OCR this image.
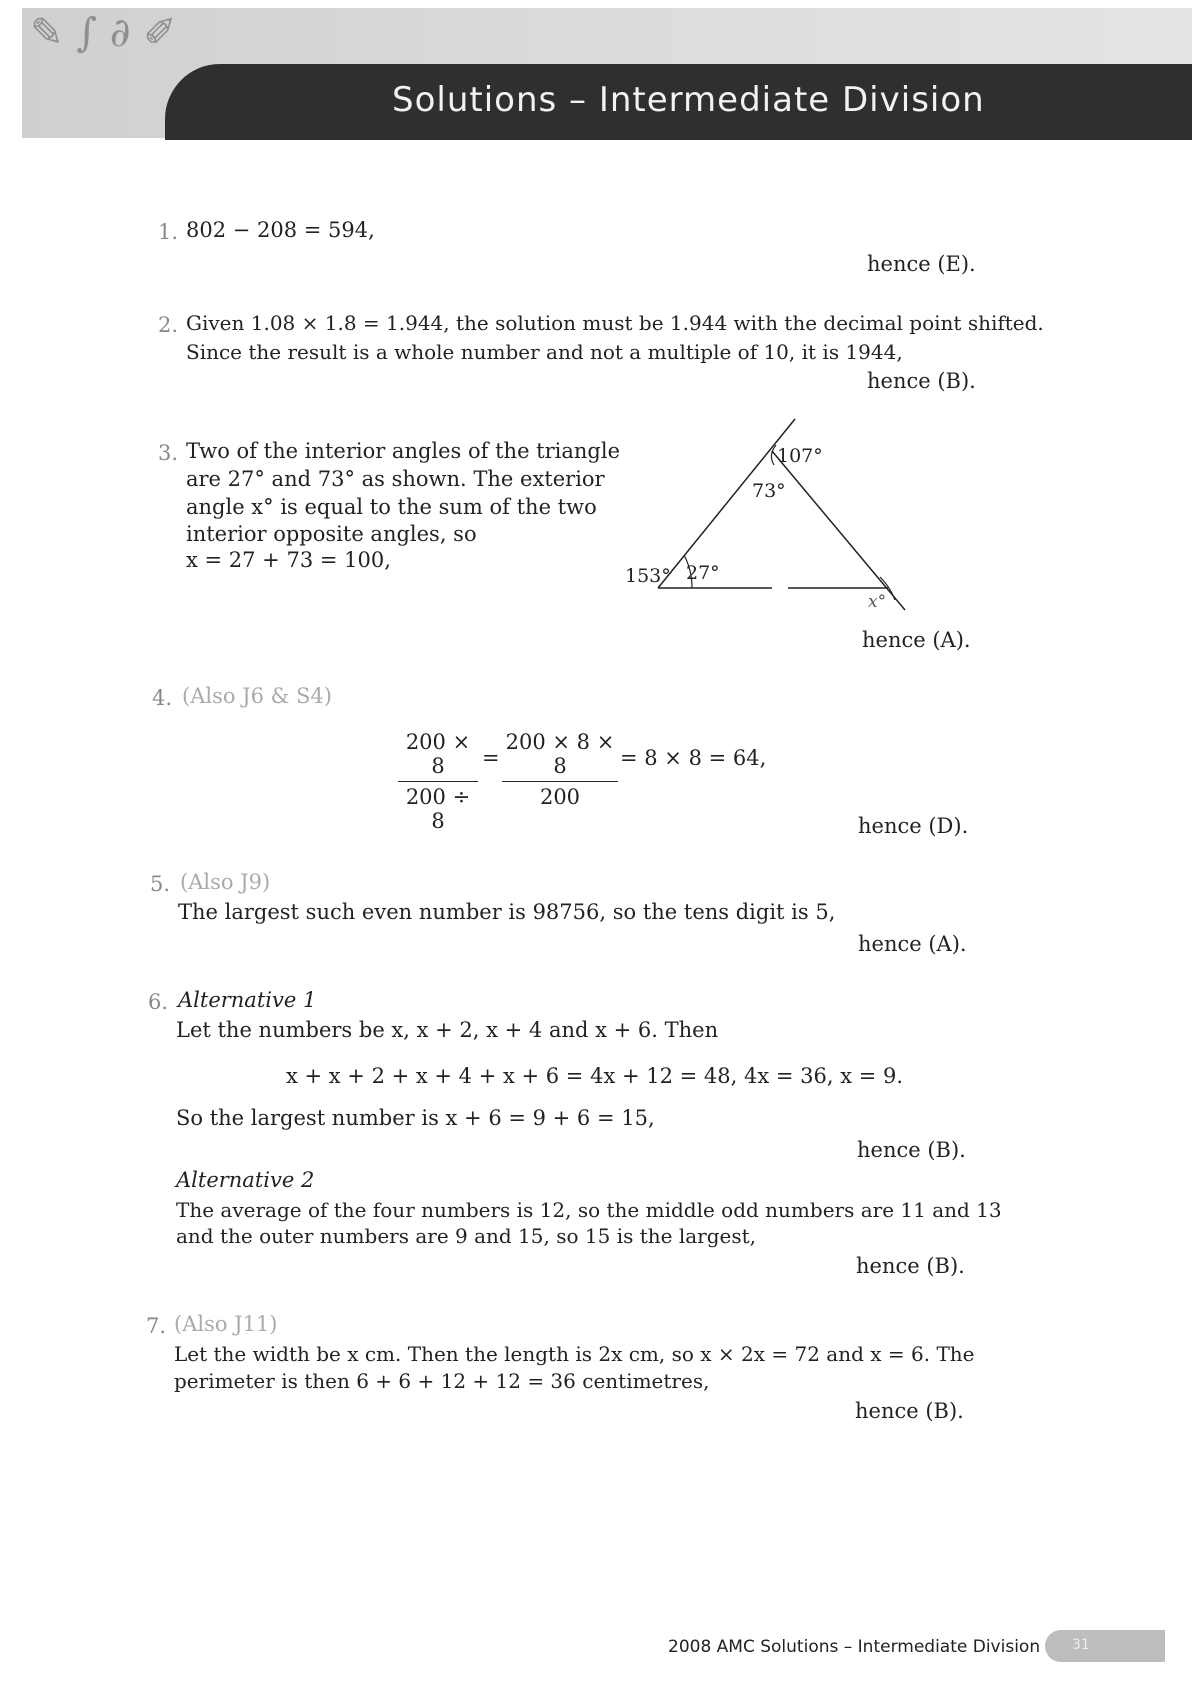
✎ ∫ ∂ ✐
Solutions – Intermediate Division
1. 802 − 208 = 594,
hence (E).
2. Given 1.08 × 1.8 = 1.944, the solution must be 1.944 with the decimal point shifted.
Since the result is a whole number and not a multiple of 10, it is 1944,
hence (B).
3. Two of the interior angles of the triangle
are 27° and 73° as shown. The exterior
angle x° is equal to the sum of the two
interior opposite angles, so
x = 27 + 73 = 100,
107°
73°
153° 27°
x°
hence (A).
4. (Also J6 & S4)
200 × 8
200 ÷ 8
=
200 × 8 × 8
200
= 8 × 8 = 64,
hence (D).
5. (Also J9)
The largest such even number is 98756, so the tens digit is 5,
hence (A).
6. Alternative 1
Let the numbers be x, x + 2, x + 4 and x + 6. Then
x + x + 2 + x + 4 + x + 6 = 4x + 12 = 48, 4x = 36, x = 9.
So the largest number is x + 6 = 9 + 6 = 15,
hence (B).
Alternative 2
The average of the four numbers is 12, so the middle odd numbers are 11 and 13
and the outer numbers are 9 and 15, so 15 is the largest,
hence (B).
7. (Also J11)
Let the width be x cm. Then the length is 2x cm, so x × 2x = 72 and x = 6. The
perimeter is then 6 + 6 + 12 + 12 = 36 centimetres,
hence (B).
2008 AMC Solutions – Intermediate Division 31
